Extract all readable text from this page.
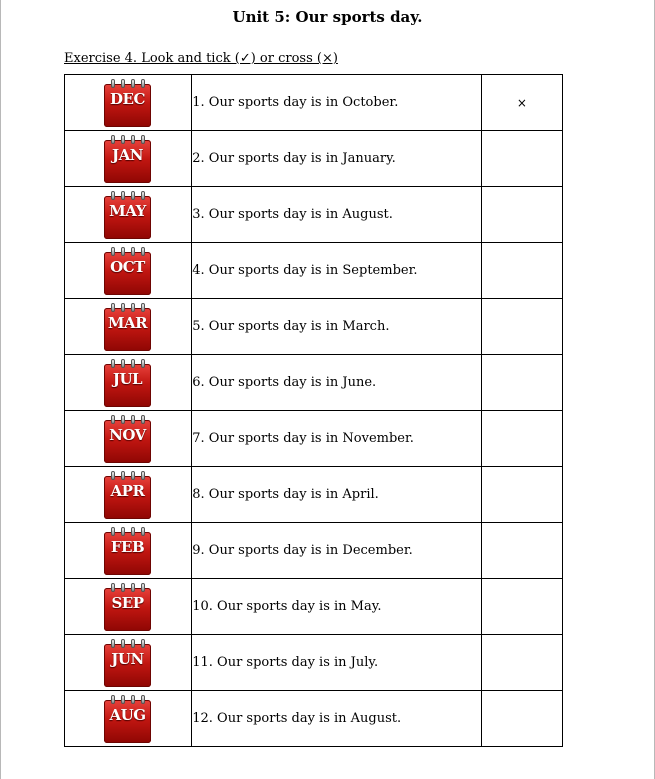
Unit 5: Our sports day.
Exercise 4. Look and tick (✓) or cross (×)
DEC	1. Our sports day is in October.	×

JAN	2. Our sports day is in January.	

MAY	3. Our sports day is in August.	

OCT	4. Our sports day is in September.	

MAR	5. Our sports day is in March.	

JUL	6. Our sports day is in June.	

NOV	7. Our sports day is in November.	

APR	8. Our sports day is in April.	

FEB	9. Our sports day is in December.	

SEP	10. Our sports day is in May.	

JUN	11. Our sports day is in July.	

AUG	12. Our sports day is in August.	
